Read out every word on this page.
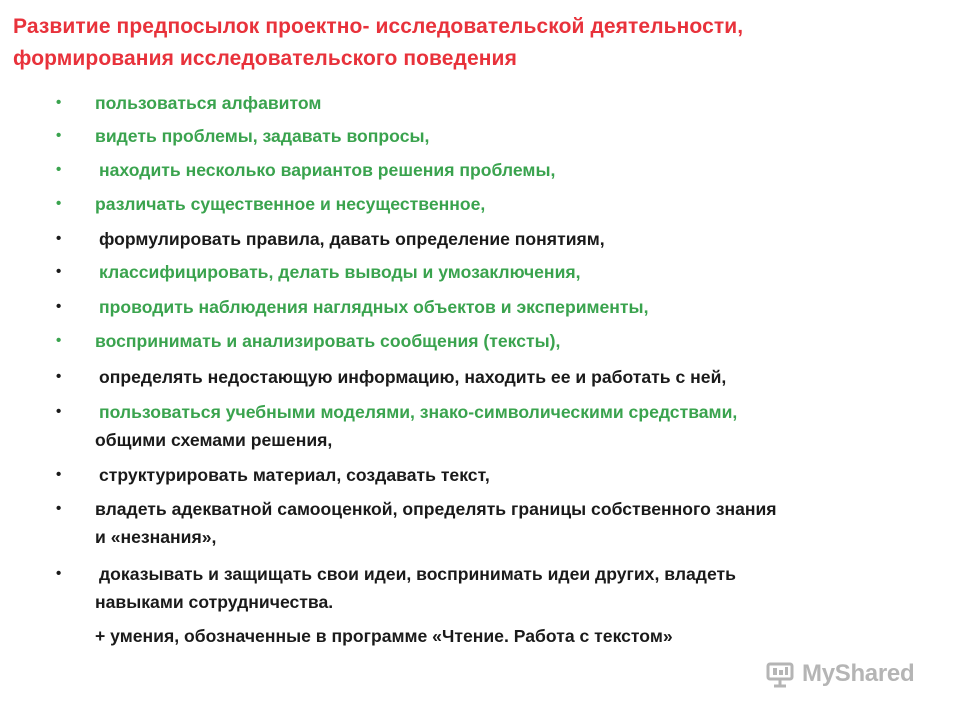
Развитие предпосылок проектно- исследовательской деятельности,
формирования исследовательского поведения
•	пользоваться алфавитом
•	видеть проблемы, задавать вопросы,
•	находить несколько вариантов решения проблемы,
•	различать существенное и несущественное,
•	формулировать правила, давать определение понятиям,
•	классифицировать, делать выводы и умозаключения,
•	проводить наблюдения наглядных объектов и эксперименты,
•	воспринимать и анализировать сообщения (тексты),
•	определять недостающую информацию, находить ее и работать с ней,
•	пользоваться учебными моделями, знако-символическими средствами,
общими схемами решения,
•	структурировать материал, создавать текст,
•	владеть адекватной самооценкой, определять границы собственного знания
и «незнания»,
•	доказывать и защищать свои идеи, воспринимать идеи других, владеть
навыками сотрудничества.
+ умения, обозначенные в программе «Чтение. Работа с текстом»
MyShared
